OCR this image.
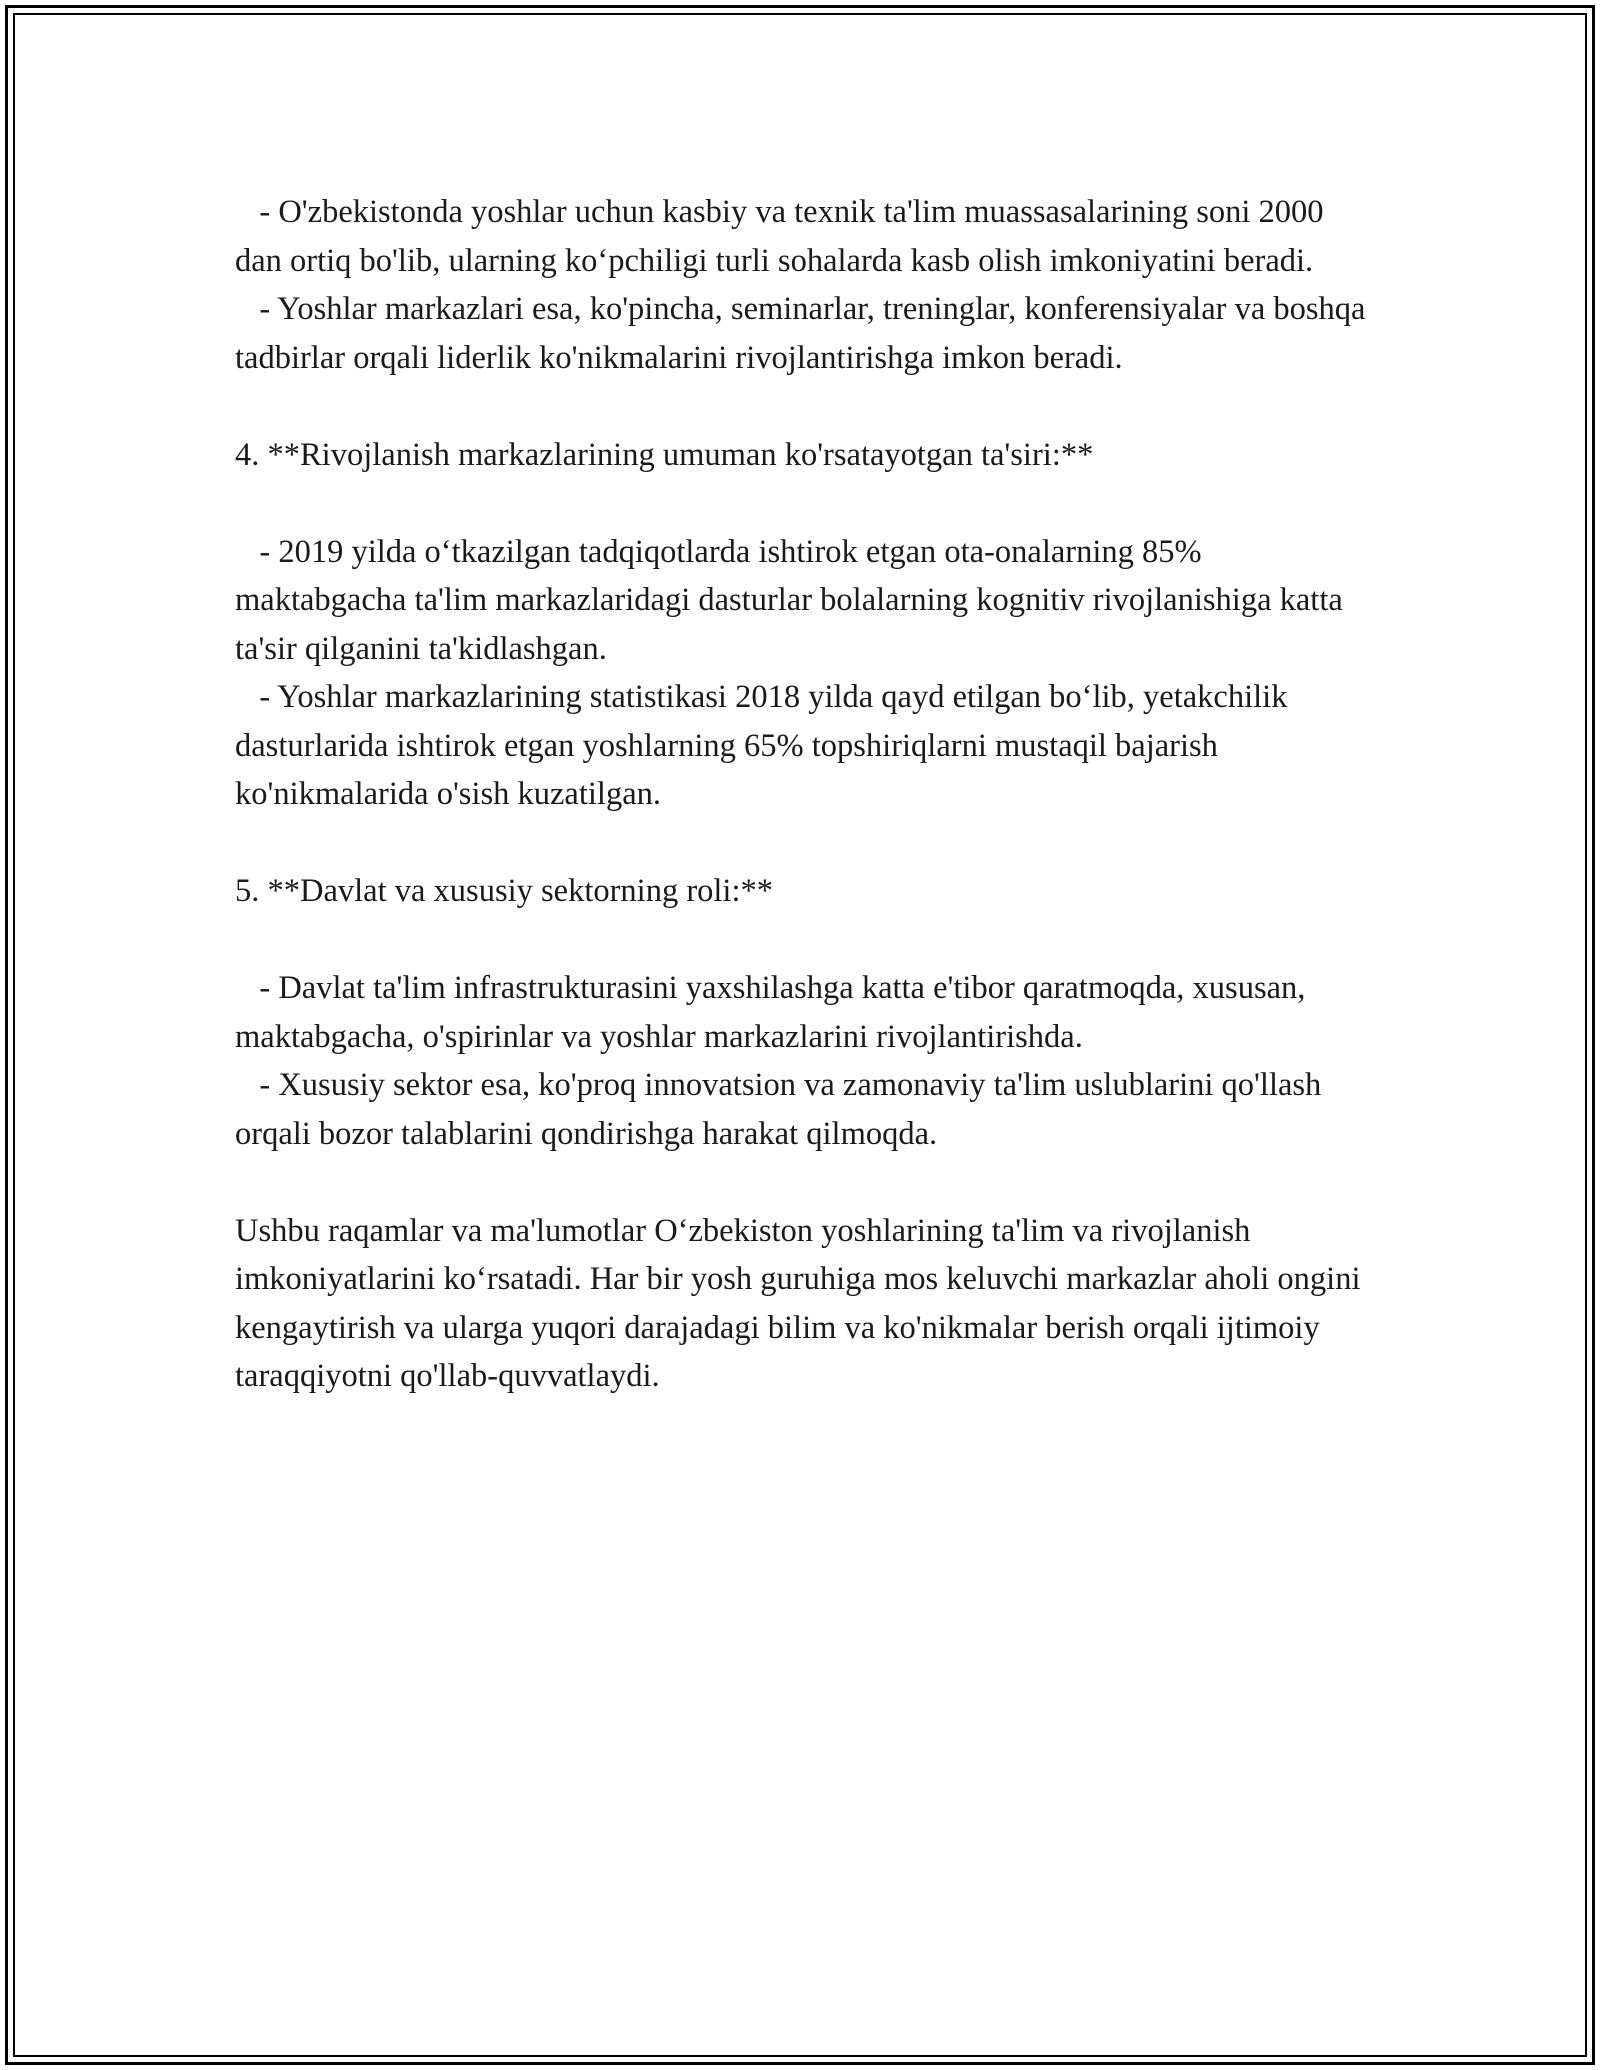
- O'zbekistonda yoshlar uchun kasbiy va texnik ta'lim muassasalarining soni 2000 dan ortiq bo'lib, ularning ko‘pchiligi turli sohalarda kasb olish imkoniyatini beradi.

- Yoshlar markazlari esa, ko'pincha, seminarlar, treninglar, konferensiyalar va boshqa tadbirlar orqali liderlik ko'nikmalarini rivojlantirishga imkon beradi.

4. **Rivojlanish markazlarining umuman ko'rsatayotgan ta'siri:**

- 2019 yilda o‘tkazilgan tadqiqotlarda ishtirok etgan ota-onalarning 85% maktabgacha ta'lim markazlaridagi dasturlar bolalarning kognitiv rivojlanishiga katta ta'sir qilganini ta'kidlashgan.

- Yoshlar markazlarining statistikasi 2018 yilda qayd etilgan bo‘lib, yetakchilik dasturlarida ishtirok etgan yoshlarning 65% topshiriqlarni mustaqil bajarish ko'nikmalarida o'sish kuzatilgan.

5. **Davlat va xususiy sektorning roli:**

- Davlat ta'lim infrastrukturasini yaxshilashga katta e'tibor qaratmoqda, xususan, maktabgacha, o'spirinlar va yoshlar markazlarini rivojlantirishda.

- Xususiy sektor esa, ko'proq innovatsion va zamonaviy ta'lim uslublarini qo'llash orqali bozor talablarini qondirishga harakat qilmoqda.

Ushbu raqamlar va ma'lumotlar O‘zbekiston yoshlarining ta'lim va rivojlanish imkoniyatlarini ko‘rsatadi. Har bir yosh guruhiga mos keluvchi markazlar aholi ongini kengaytirish va ularga yuqori darajadagi bilim va ko'nikmalar berish orqali ijtimoiy taraqqiyotni qo'llab-quvvatlaydi.
